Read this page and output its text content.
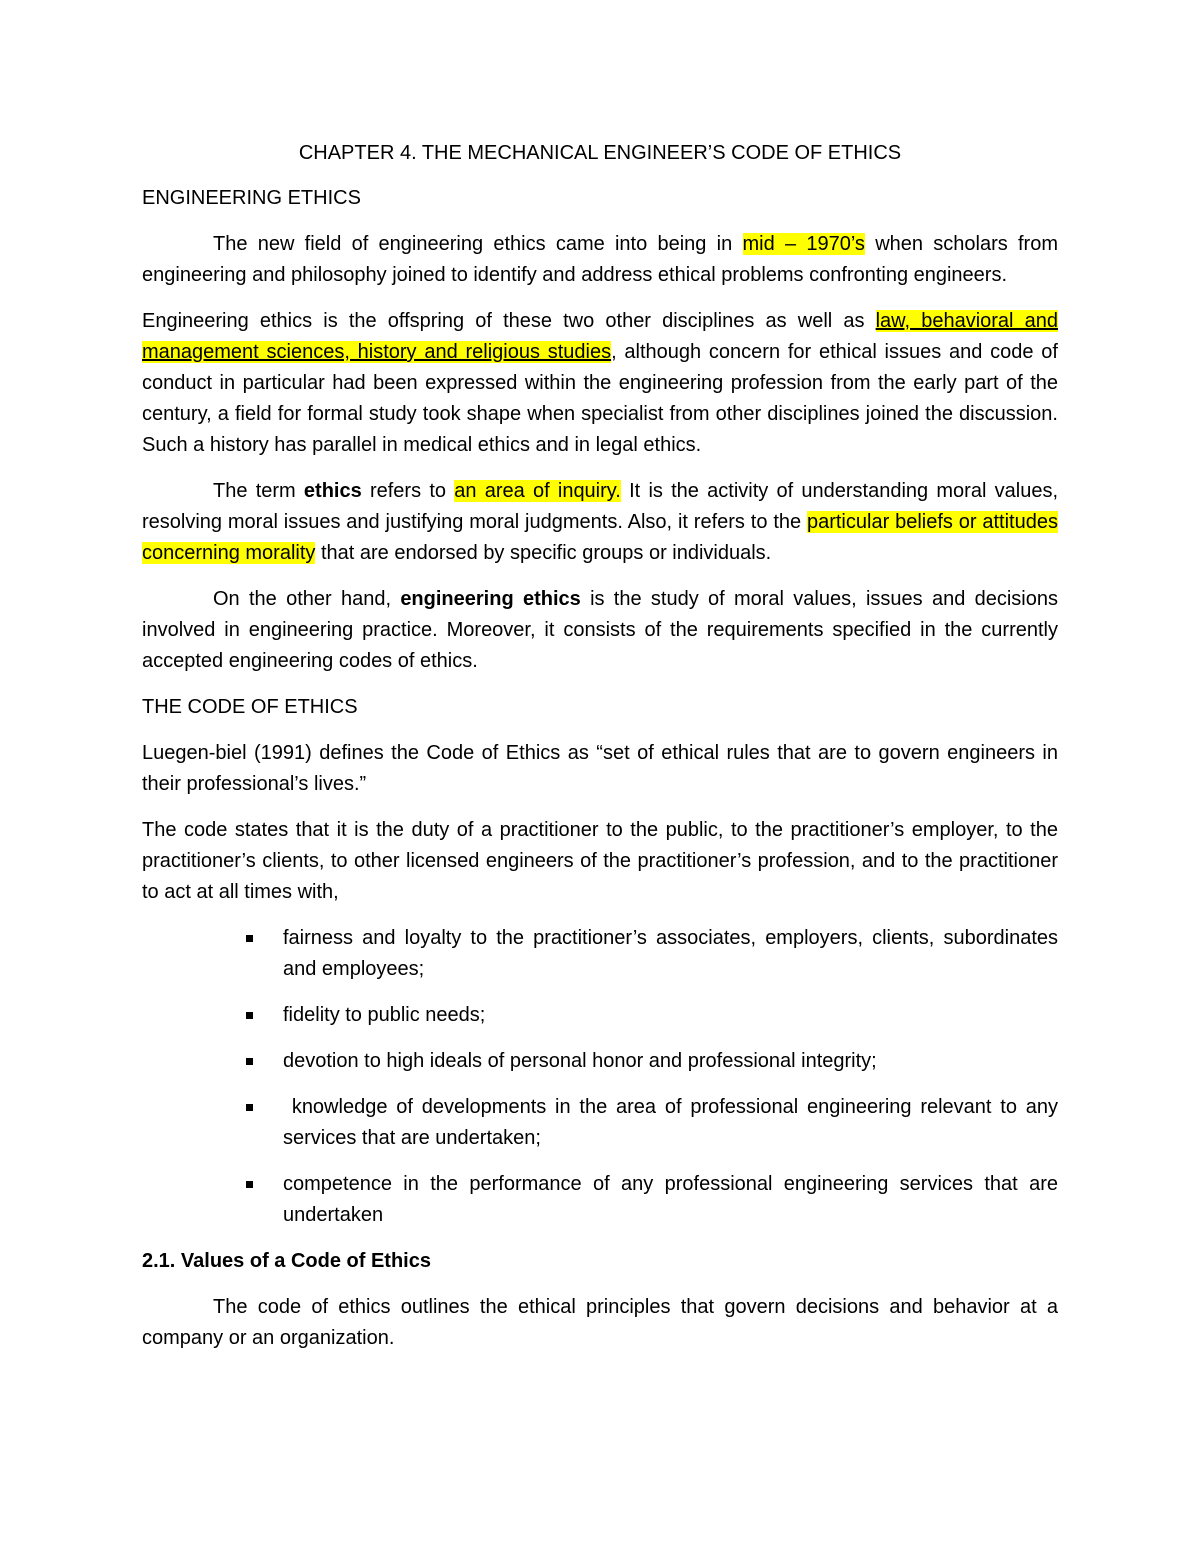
CHAPTER 4. THE MECHANICAL ENGINEER’S CODE OF ETHICS

ENGINEERING ETHICS

The new field of engineering ethics came into being in mid – 1970’s when scholars from engineering and philosophy joined to identify and address ethical problems confronting engineers.

Engineering ethics is the offspring of these two other disciplines as well as law, behavioral and management sciences, history and religious studies, although concern for ethical issues and code of conduct in particular had been expressed within the engineering profession from the early part of the century, a field for formal study took shape when specialist from other disciplines joined the discussion. Such a history has parallel in medical ethics and in legal ethics.

The term ethics refers to an area of inquiry. It is the activity of understanding moral values, resolving moral issues and justifying moral judgments. Also, it refers to the particular beliefs or attitudes concerning morality that are endorsed by specific groups or individuals.

On the other hand, engineering ethics is the study of moral values, issues and decisions involved in engineering practice. Moreover, it consists of the requirements specified in the currently accepted engineering codes of ethics.

THE CODE OF ETHICS

Luegen-biel (1991) defines the Code of Ethics as “set of ethical rules that are to govern engineers in their professional’s lives.”

The code states that it is the duty of a practitioner to the public, to the practitioner’s employer, to the practitioner’s clients, to other licensed engineers of the practitioner’s profession, and to the practitioner to act at all times with,

fairness and loyalty to the practitioner’s associates, employers, clients, subordinates and employees;
fidelity to public needs;
devotion to high ideals of personal honor and professional integrity;
knowledge of developments in the area of professional engineering relevant to any services that are undertaken;
competence in the performance of any professional engineering services that are undertaken

2.1. Values of a Code of Ethics

The code of ethics outlines the ethical principles that govern decisions and behavior at a company or an organization.
